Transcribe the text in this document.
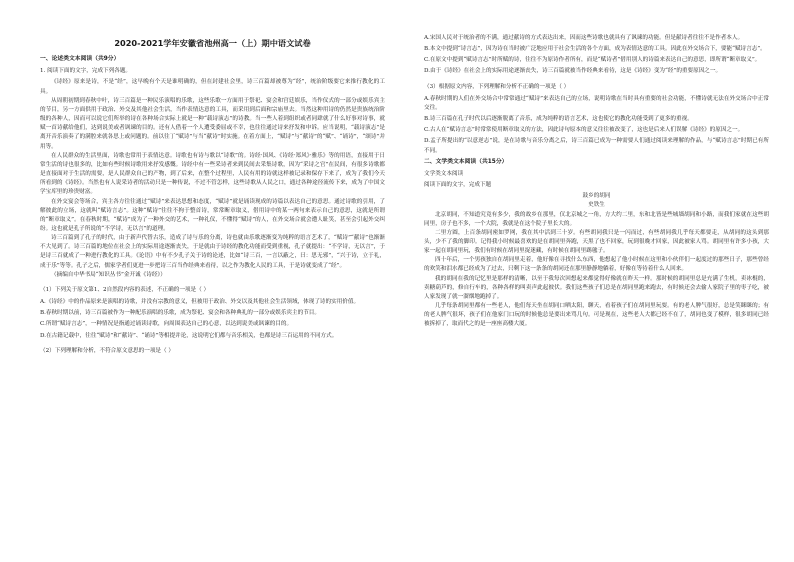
2020-2021学年安徽省池州高一（上）期中语文试卷
一、论述类文本阅读（共9分）
1. 阅读下面的文字，完成下列各题。

《诗经》原来是诗，不是“经”，这早晚有个天是谁明确的，但在封建社会里，诗三百篇却被尊为“经”，统治阶级要它来推行教化的工具。

从周朝初期到春秋中叶，诗三百篇是一种民乐演唱的乐歌，这些乐歌一方面用于祭祀、宴会和宫廷娱乐，当作仪式的一部分或娱乐宾主的节目，另一方面供用于政治、外交及其他社会生活，当作表情达意的工具，而采用到后面和宗庙里去。当然这种用诗的仍然是贵族统治阶级的各种人，因而可以说它们所举的诗在各种场合实际上就是一种“载诗演志”的诗教。当一些人着到组织或者同肆就了什么好事对诗事，就赋一首诗献给他们，达到说美或者讽谏的目的。还有人借着一个人遭受委屈或不幸，也往往通过诗来抒发和申诉。应当说明，“载诗演志”是离开音乐演奏了的满腔来就各思上或问题的。前以往丁“赋诗”与当“献诗”时实施。在着方面上，“赋诗”与“献诗”的“赋”、“诵诗”，“颂诗”并用等。

在人民群众的生活里面，诗歌也常用于表情达意。诗歌也有诗与歌以“诗歌”的。诗经·国风、《诗经·郑风》·雅乐》等的用语，直接用于日常生活的诗也很多的，比如有些时候诗歌用来抒发感慨。诗经中有一些采诗者来到民间去采集诗歌，因为“采诗之官”在民间，有很多诗歌都是直接面对于生活的需要，是人民群众自己的产物，到了后来，在整个过程里，人民有用的诗就这样被记录和保存下来了，成为了我们今天所看到的《诗经》。当然也有人说采诗者的活动只是一种传说，不过不管怎样，这些诗歌从人民之口，通过各种途径流传下来，成为了中国文学宝库里的珍贵财富。

在外交宴会等场合，宾主各方往往通过“赋诗”来表达思想和态度，“赋诗”就是诵读现成的诗篇以表达自己的意思。通过诗歌的引用，了解彼此的立场，这就叫“赋诗言志”。这种“赋诗”往往不拘于整首诗，常常断章取义，借用诗中的某一两句来表示自己的意思，这就是所谓的“断章取义”。在春秋时期，“赋诗”成为了一种外交的艺术，一种礼仪，不懂得“赋诗”的人，在外交场合就会遭人耻笑，甚至会引起外交纠纷。这也就是孔子所说的“不学诗，无以言”的道理。

诗三百篇到了孔子的时代，由于新声代替古乐，造成了诗与乐的分离，诗也就由乐歌逐渐变为纯粹的语言艺术了，“赋诗”“献诗”也渐渐不大见到了。诗三百篇的地位在社会上的实际用途逐渐丧失，于是就由于诗经的教化功能而受到重视，孔子就提出：“不学诗，无以言”，于是诗三百就成了一种进行教化的工具。《论语》中有不少孔子关于诗的论述，比如“诗三百，一言以蔽之，曰：思无邪”，“兴于诗，立于礼，成于乐”等等。孔子之后，儒家学者们更进一步把诗三百当作经典来看待，以之作为教化人民的工具，于是诗就变成了“经”。

（摘编自中华书局“知识丛书”金开诚《诗经》）

（1）下列关于原文第1、2自然段内容的表述，不正确的一项是（ ）
A.《诗经》中的作品原来是演唱的诗歌，并没有宗教的意义，但被用于政治、外交以及其他社会生活领域，体现了诗的实用价值。
B.春秋时期以前，诗三百篇被作为一种配乐演唱的乐歌，成为祭祀、宴会和各种典礼的一部分或娱乐宾主的节目。
C.所谓“赋诗言志”，一种情况是指通过诵读诗歌，向周围表达自己的心意，以达到说美或讽谏的目的。
D.在古籍记载中，往往“赋诗”和“献诗”、“诵诗”等相提并论，这说明它们都与音乐相关，也都是诗三百运用的不同方式。
（2）下列理解和分析，不符合原文意思的一项是（ ）
A.宋国人民对于统治者的不满，通过献诗的方式表达出来，因而这些诗歌也就具有了讽谏的功能。但是献诗者往往不是作者本人。
B.本文中提到“诗言志”，因为诗在当时被广泛地应用于社会生活的各个方面，成为表情达意的工具。因此在外交场合下，要能“赋诗言志”。
C.在原文中提到“赋诗言志”时所赋的诗，往往不为原诗作者所有，而是“赋诗者”借用别人的诗篇来表达自己的意思，即所谓“断章取义”。
D.由于《诗经》在社会上的实际用途逐渐丧失，诗三百篇就被当作经典来看待，这是《诗经》变为“经”的重要原因之一。
（3）根据原文内容，下列理解和分析不正确的一项是（ ）
A.春秋时期的人们在外交场合中常常通过“赋诗”来表达自己的立场，说明诗歌在当时具有重要的社会功能，不懂诗就无法在外交场合中正常交往。
B.诗三百篇在孔子时代以后逐渐脱离了音乐，成为纯粹的语言艺术，这也使它的教化功能受到了更多的重视。
C.古人在“赋诗言志”时常常使用断章取义的方法，因此诗句原本的意义往往被改变了，这也是后来人们误解《诗经》的原因之一。
D.孟子所提出的“以意逆志”说，是在诗歌与音乐分离之后，诗三百篇已成为一种需要人们通过阅读来理解的作品，与“赋诗言志”时期已有所不同。
二、文学类文本阅读（共15分）
文学类文本阅读
阅读下面的文字，完成下题
鼓乡的胡同
史铁生

北京胡同，不知道究竟有多少，我的故乡在那里，仅北京城之一角，方大约二里，东和北皆是些城墙胡同和小路，而我们家就在这些胡同里，房子也不多，一个大院，我就是在这个院子里长大的。

二里方圆，上百条胡同密如罗网，我在其中活到三十岁。有些胡同我只是一闪而过，有些胡同我几乎每天都要走，从胡同的这头到那头，少不了我的脚印。记得我小时候最喜欢的是在胡同里奔跑，天黑了也不回家，玩到很晚才回家，因此被家人骂。胡同里有许多小孩，大家一起在胡同里玩，我们有时候在胡同里捉迷藏，有时候在胡同里踢毽子。

四十年后，一个男孩独自在胡同里走着，他好像在寻找什么东西，他想起了他小时候在这里和小伙伴们一起度过的那些日子，那些曾经的欢笑和泪水都已经成为了过去，只剩下这一条条的胡同还在那里静静地躺着，好像在等待着什么人回来。

我的胡同在我的记忆里是那样的清晰，以至于我每次回想起来都觉得好像就在昨天一样。那时候的胡同里总是充满了生机，卖冰棍的，卖糖葫芦的，修自行车的，各种各样的叫卖声此起彼伏。我们这些孩子们总是在胡同里跑来跑去，有时候还会去偷人家院子里的枣子吃，被人家发现了就一溜烟地跑掉了。

几乎每条胡同里都有一些老人，他们每天坐在胡同口晒太阳，聊天，看着孩子们在胡同里玩耍。有的老人脾气很好，总是笑眯眯的；有的老人脾气很坏，孩子们在他家门口玩的时候他总是要出来骂几句。可是现在，这些老人大都已经不在了，胡同也变了模样，很多胡同已经被拆掉了，取而代之的是一座座高楼大厦。
